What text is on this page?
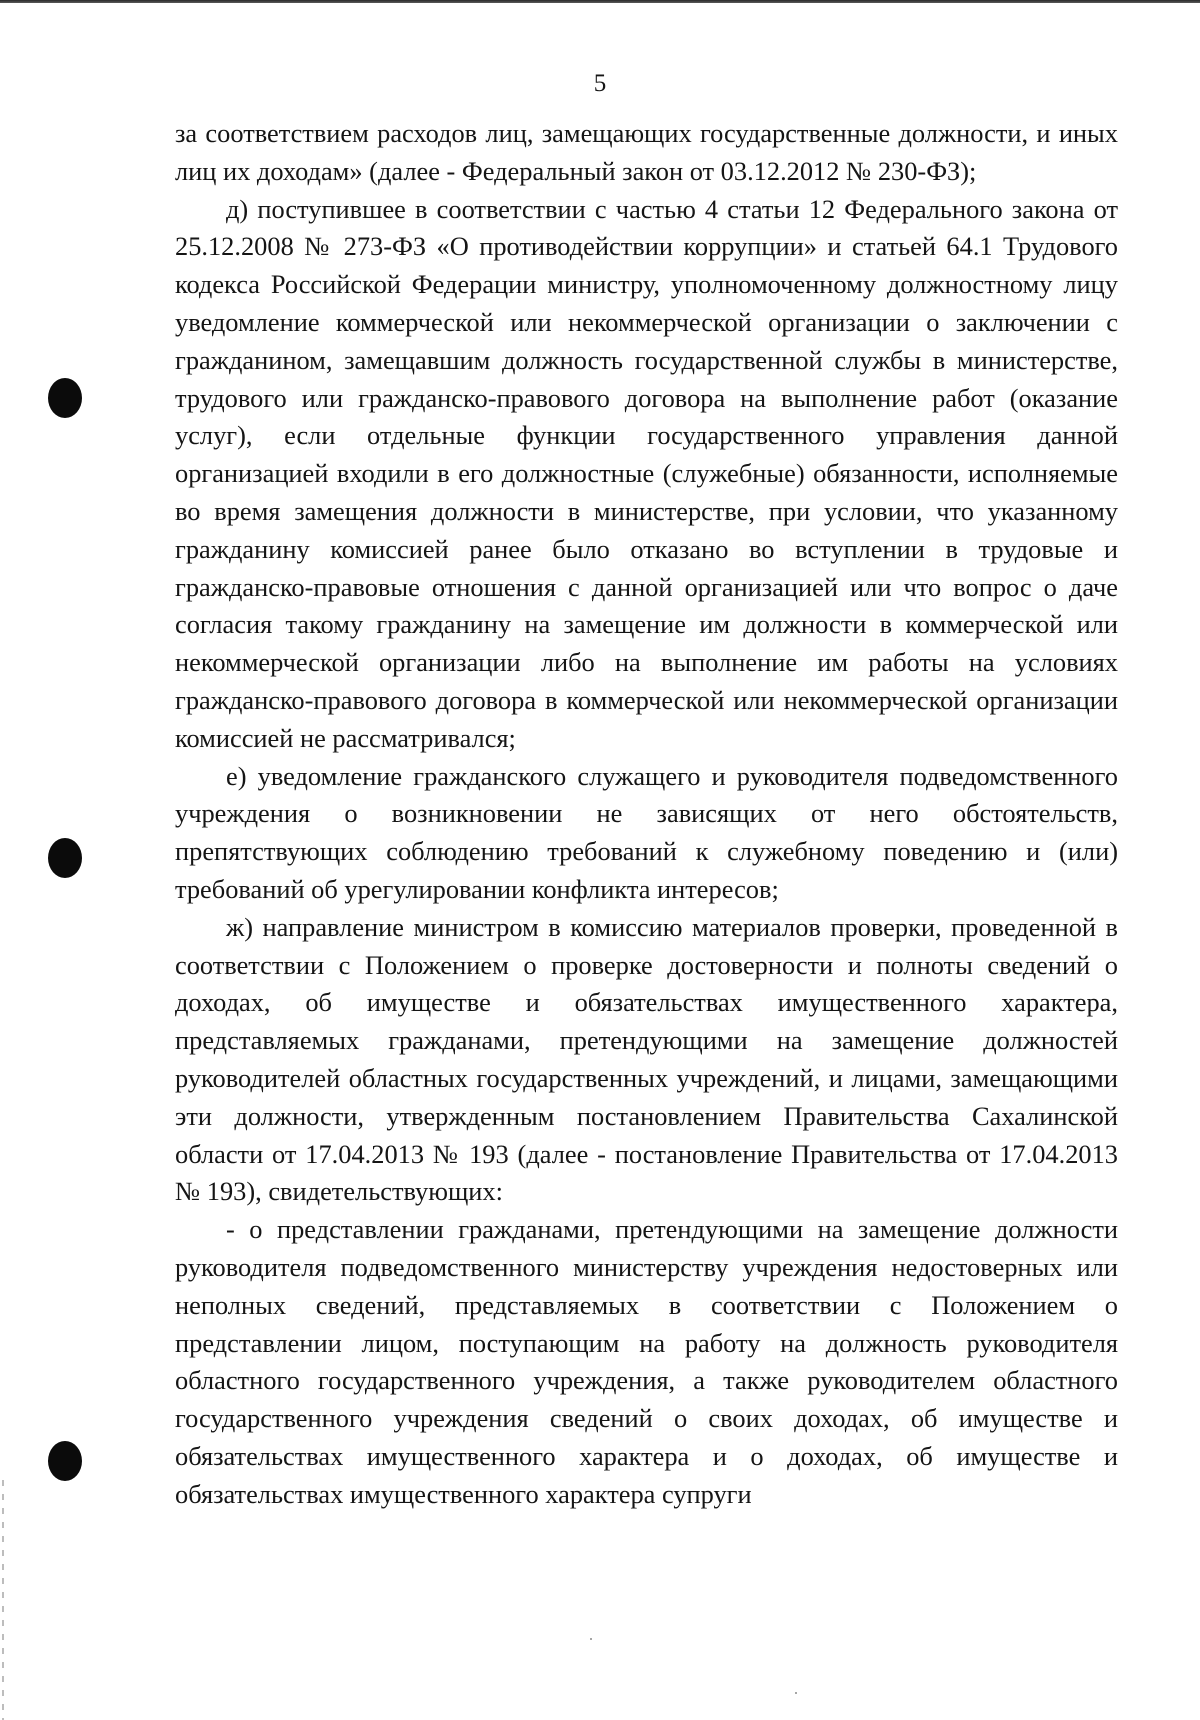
5

за соответствием расходов лиц, замещающих государственные должности, и иных лиц их доходам» (далее - Федеральный закон от 03.12.2012 № 230-ФЗ);

д) поступившее в соответствии с частью 4 статьи 12 Федерального закона от 25.12.2008 № 273-ФЗ «О противодействии коррупции» и статьей 64.1 Трудового кодекса Российской Федерации министру, уполномоченному должностному лицу уведомление коммерческой или некоммерческой организации о заключении с гражданином, замещавшим должность государственной службы в министерстве, трудового или гражданско-правового договора на выполнение работ (оказание услуг), если отдельные функции государственного управления данной организацией входили в его должностные (служебные) обязанности, исполняемые во время замещения должности в министерстве, при условии, что указанному гражданину комиссией ранее было отказано во вступлении в трудовые и гражданско-правовые отношения с данной организацией или что вопрос о даче согласия такому гражданину на замещение им должности в коммерческой или некоммерческой организации либо на выполнение им работы на условиях гражданско-правового договора в коммерческой или некоммерческой организации комиссией не рассматривался;

е) уведомление гражданского служащего и руководителя подведомственного учреждения о возникновении не зависящих от него обстоятельств, препятствующих соблюдению требований к служебному поведению и (или) требований об урегулировании конфликта интересов;

ж) направление министром в комиссию материалов проверки, проведенной в соответствии с Положением о проверке достоверности и полноты сведений о доходах, об имуществе и обязательствах имущественного характера, представляемых гражданами, претендующими на замещение должностей руководителей областных государственных учреждений, и лицами, замещающими эти должности, утвержденным постановлением Правительства Сахалинской области от 17.04.2013 № 193 (далее - постановление Правительства от 17.04.2013 № 193), свидетельствующих:

- о представлении гражданами, претендующими на замещение должности руководителя подведомственного министерству учреждения недостоверных или неполных сведений, представляемых в соответствии с Положением о представлении лицом, поступающим на работу на должность руководителя областного государственного учреждения, а также руководителем областного государственного учреждения сведений о своих доходах, об имуществе и обязательствах имущественного характера и о доходах, об имуществе и обязательствах имущественного характера супруги
